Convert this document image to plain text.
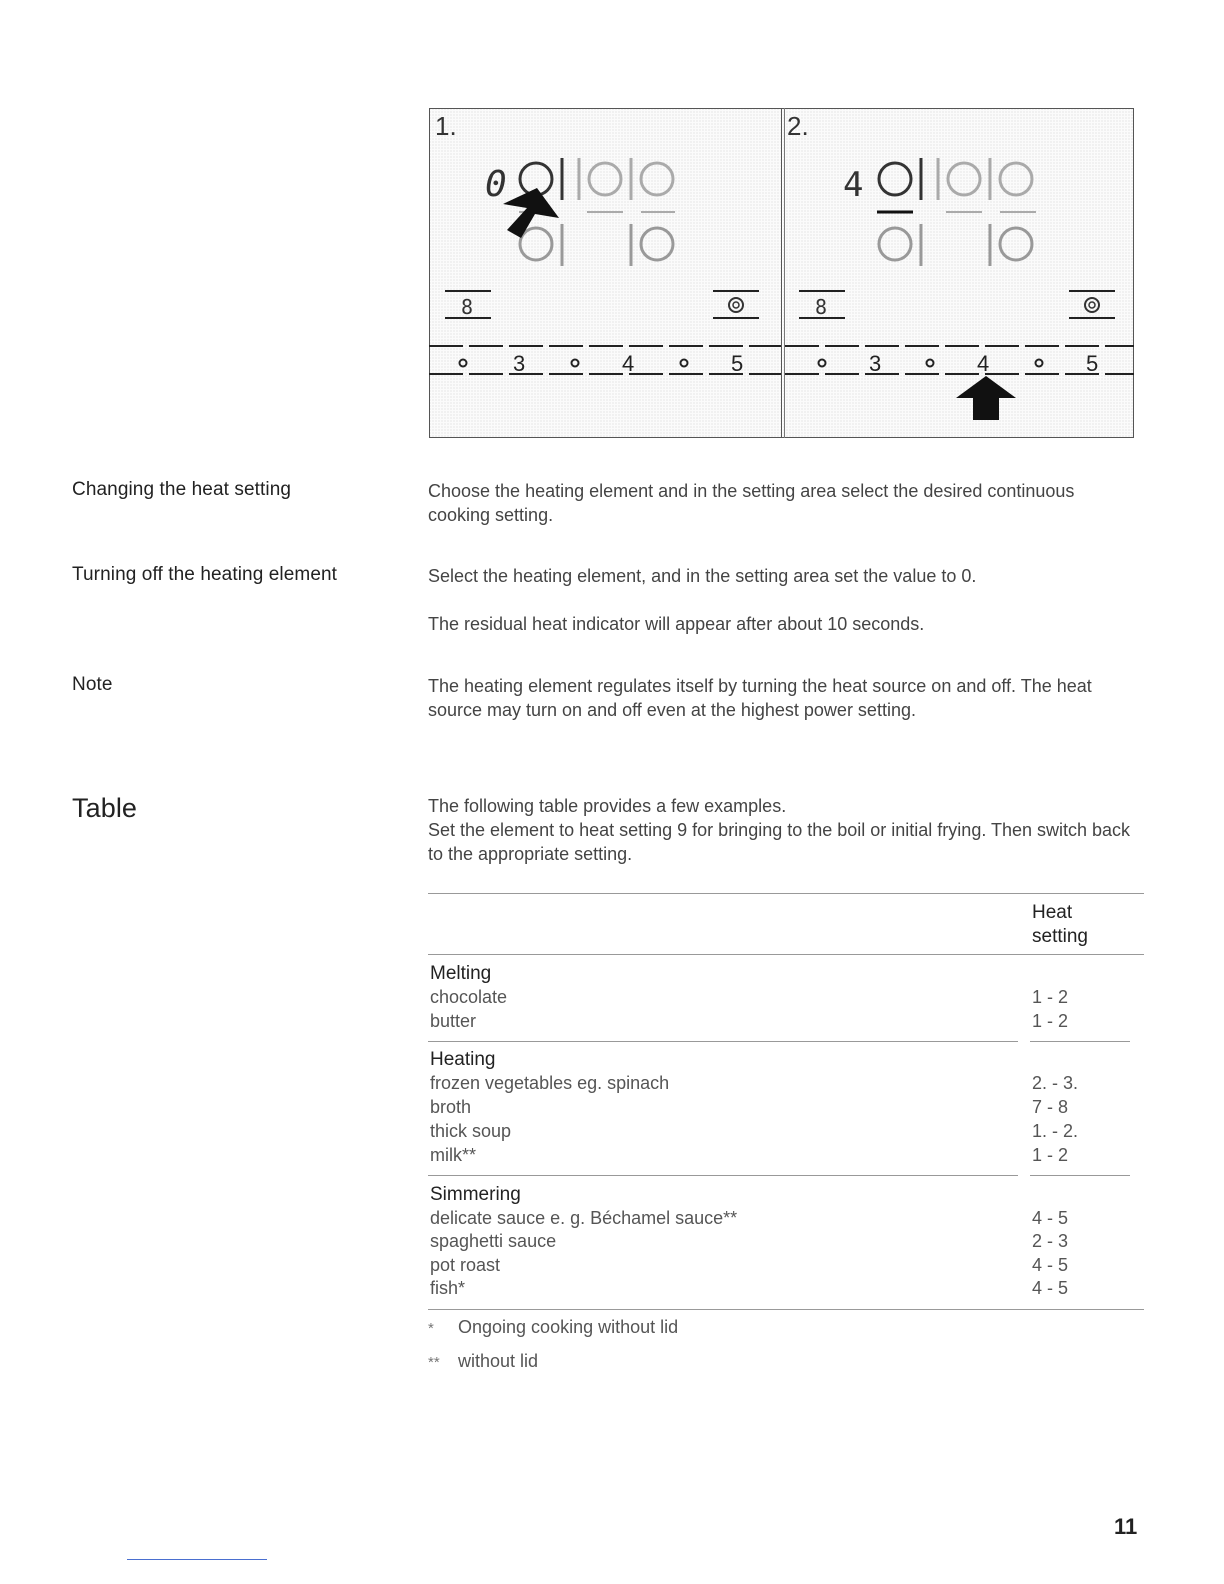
1.
0
8
3	4	5
2.
4
8
3	4	5
Changing the heat setting	Choose the heating element and in the setting area select the desired continuous cooking setting.

Turning off the heating element	Select the heating element, and in the setting area set the value to 0.

The residual heat indicator will appear after about 10 seconds.

Note	The heating element regulates itself by turning the heat source on and off. The heat source may turn on and off even at the highest power setting.

Table	The following table provides a few examples.

Set the element to heat setting 9 for bringing to the boil or initial frying. Then switch back to the appropriate setting.

Heat
setting
Melting
chocolate	1 - 2
butter	1 - 2
Heating
frozen vegetables eg. spinach	2. - 3.
broth	7 - 8
thick soup	1. - 2.
milk**	1 - 2
Simmering
delicate sauce e. g. Béchamel sauce**	4 - 5
spaghetti sauce	2 - 3
pot roast	4 - 5
fish*	4 - 5
* Ongoing cooking without lid
** without lid
11
